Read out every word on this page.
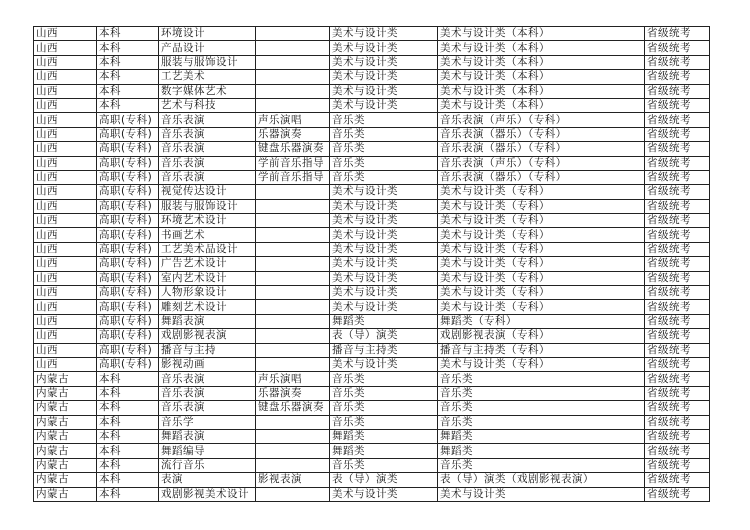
山西	本科	环境设计		美术与设计类	美术与设计类（本科）	省级统考
山西	本科	产品设计		美术与设计类	美术与设计类（本科）	省级统考
山西	本科	服装与服饰设计		美术与设计类	美术与设计类（本科）	省级统考
山西	本科	工艺美术		美术与设计类	美术与设计类（本科）	省级统考
山西	本科	数字媒体艺术		美术与设计类	美术与设计类（本科）	省级统考
山西	本科	艺术与科技		美术与设计类	美术与设计类（本科）	省级统考
山西	高职(专科)	音乐表演	声乐演唱	音乐类	音乐表演（声乐）（专科）	省级统考
山西	高职(专科)	音乐表演	乐器演奏	音乐类	音乐表演（器乐）（专科）	省级统考
山西	高职(专科)	音乐表演	键盘乐器演奏	音乐类	音乐表演（器乐）（专科）	省级统考
山西	高职(专科)	音乐表演	学前音乐指导	音乐类	音乐表演（声乐）（专科）	省级统考
山西	高职(专科)	音乐表演	学前音乐指导	音乐类	音乐表演（器乐）（专科）	省级统考
山西	高职(专科)	视觉传达设计		美术与设计类	美术与设计类（专科）	省级统考
山西	高职(专科)	服装与服饰设计		美术与设计类	美术与设计类（专科）	省级统考
山西	高职(专科)	环境艺术设计		美术与设计类	美术与设计类（专科）	省级统考
山西	高职(专科)	书画艺术		美术与设计类	美术与设计类（专科）	省级统考
山西	高职(专科)	工艺美术品设计		美术与设计类	美术与设计类（专科）	省级统考
山西	高职(专科)	广告艺术设计		美术与设计类	美术与设计类（专科）	省级统考
山西	高职(专科)	室内艺术设计		美术与设计类	美术与设计类（专科）	省级统考
山西	高职(专科)	人物形象设计		美术与设计类	美术与设计类（专科）	省级统考
山西	高职(专科)	雕刻艺术设计		美术与设计类	美术与设计类（专科）	省级统考
山西	高职(专科)	舞蹈表演		舞蹈类	舞蹈类（专科）	省级统考
山西	高职(专科)	戏剧影视表演		表（导）演类	戏剧影视表演（专科）	省级统考
山西	高职(专科)	播音与主持		播音与主持类	播音与主持类（专科）	省级统考
山西	高职(专科)	影视动画		美术与设计类	美术与设计类（专科）	省级统考
内蒙古	本科	音乐表演	声乐演唱	音乐类	音乐类	省级统考
内蒙古	本科	音乐表演	乐器演奏	音乐类	音乐类	省级统考
内蒙古	本科	音乐表演	键盘乐器演奏	音乐类	音乐类	省级统考
内蒙古	本科	音乐学		音乐类	音乐类	省级统考
内蒙古	本科	舞蹈表演		舞蹈类	舞蹈类	省级统考
内蒙古	本科	舞蹈编导		舞蹈类	舞蹈类	省级统考
内蒙古	本科	流行音乐		音乐类	音乐类	省级统考
内蒙古	本科	表演	影视表演	表（导）演类	表（导）演类（戏剧影视表演）	省级统考
内蒙古	本科	戏剧影视美术设计		美术与设计类	美术与设计类	省级统考
